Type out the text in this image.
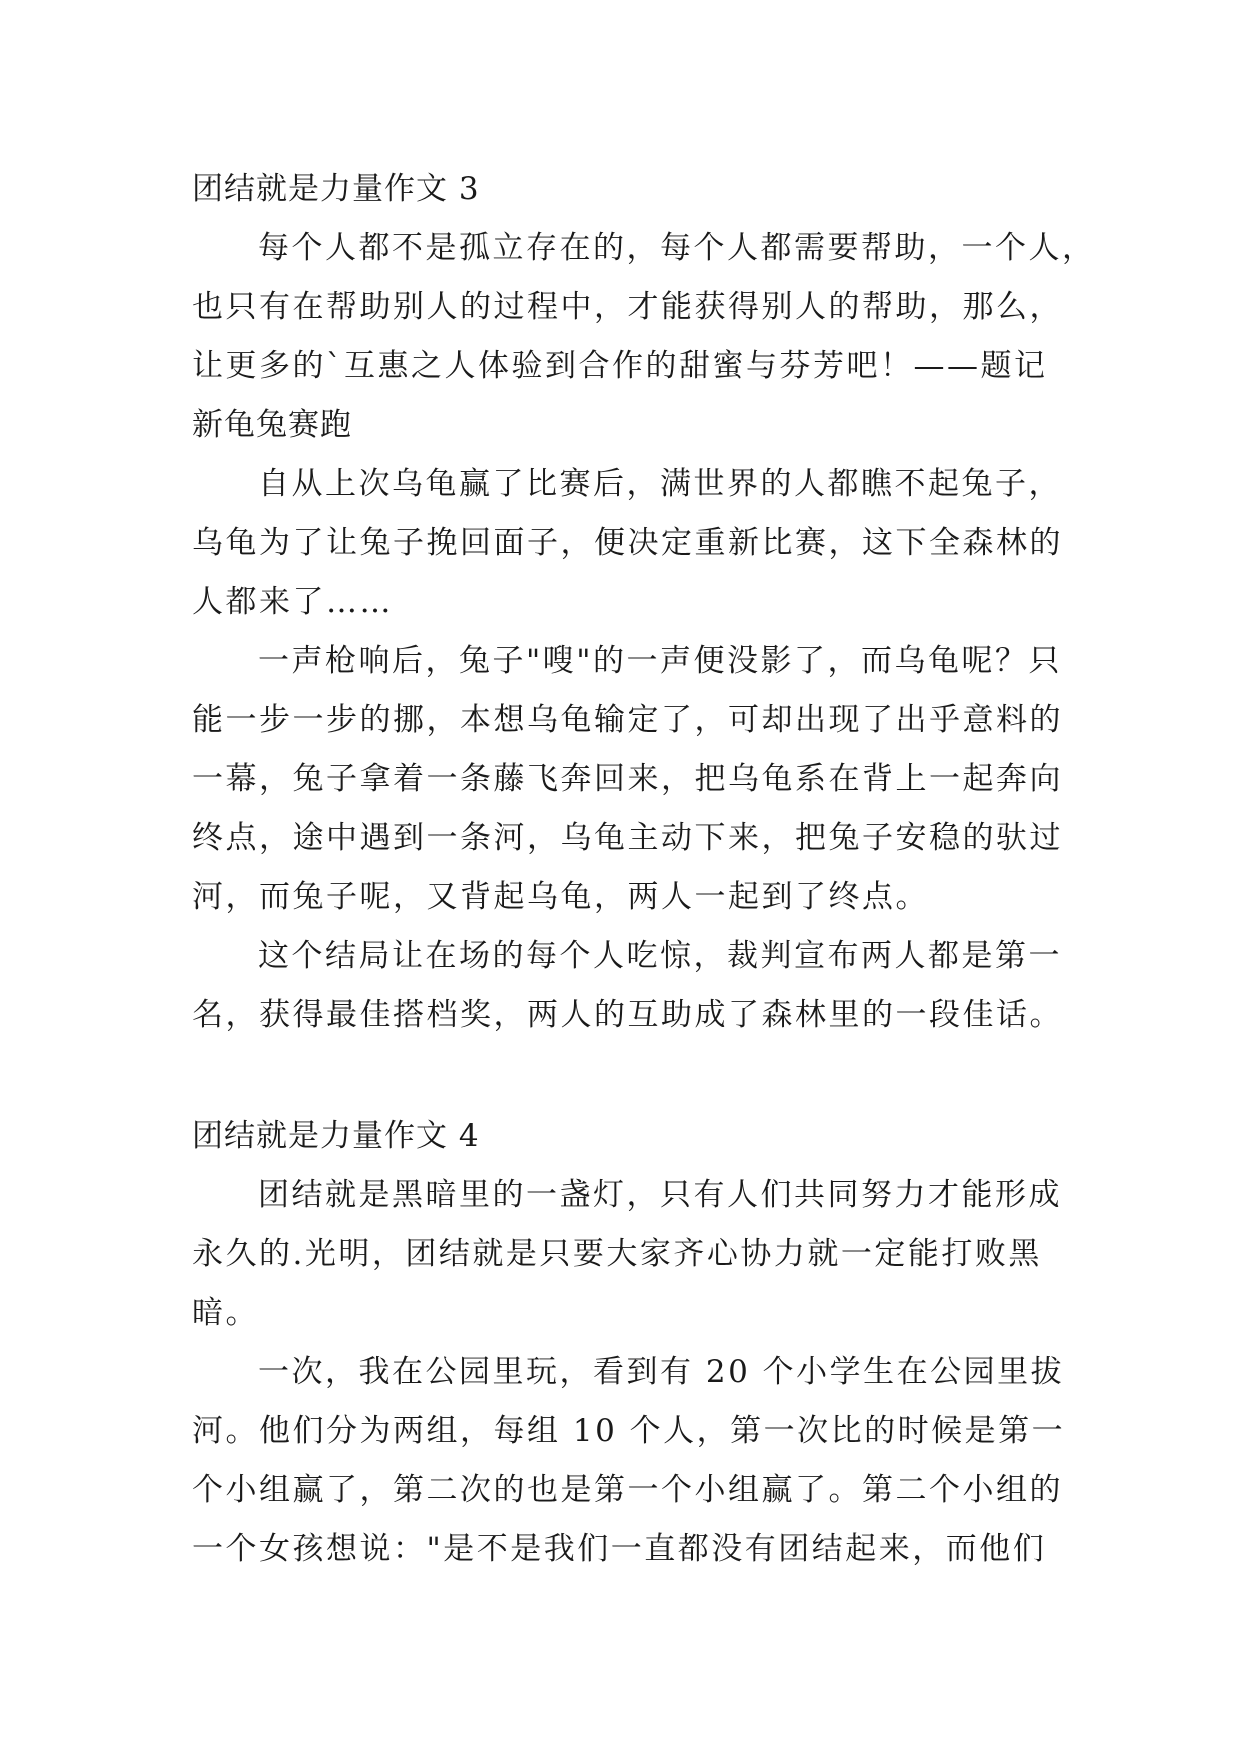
团结就是力量作文 3
每个人都不是孤立存在的，每个人都需要帮助，一个人，
也只有在帮助别人的过程中，才能获得别人的帮助，那么，
让更多的`互惠之人体验到合作的甜蜜与芬芳吧！——题记
新龟兔赛跑
自从上次乌龟赢了比赛后，满世界的人都瞧不起兔子，
乌龟为了让兔子挽回面子，便决定重新比赛，这下全森林的
人都来了……
一声枪响后，兔子"嗖"的一声便没影了，而乌龟呢？只
能一步一步的挪，本想乌龟输定了，可却出现了出乎意料的
一幕，兔子拿着一条藤飞奔回来，把乌龟系在背上一起奔向
终点，途中遇到一条河，乌龟主动下来，把兔子安稳的驮过
河，而兔子呢，又背起乌龟，两人一起到了终点。
这个结局让在场的每个人吃惊，裁判宣布两人都是第一
名，获得最佳搭档奖，两人的互助成了森林里的一段佳话。
团结就是力量作文 4
团结就是黑暗里的一盏灯，只有人们共同努力才能形成
永久的.光明，团结就是只要大家齐心协力就一定能打败黑
暗。
一次，我在公园里玩，看到有 20 个小学生在公园里拔
河。他们分为两组，每组 10 个人，第一次比的时候是第一
个小组赢了，第二次的也是第一个小组赢了。第二个小组的
一个女孩想说："是不是我们一直都没有团结起来，而他们
